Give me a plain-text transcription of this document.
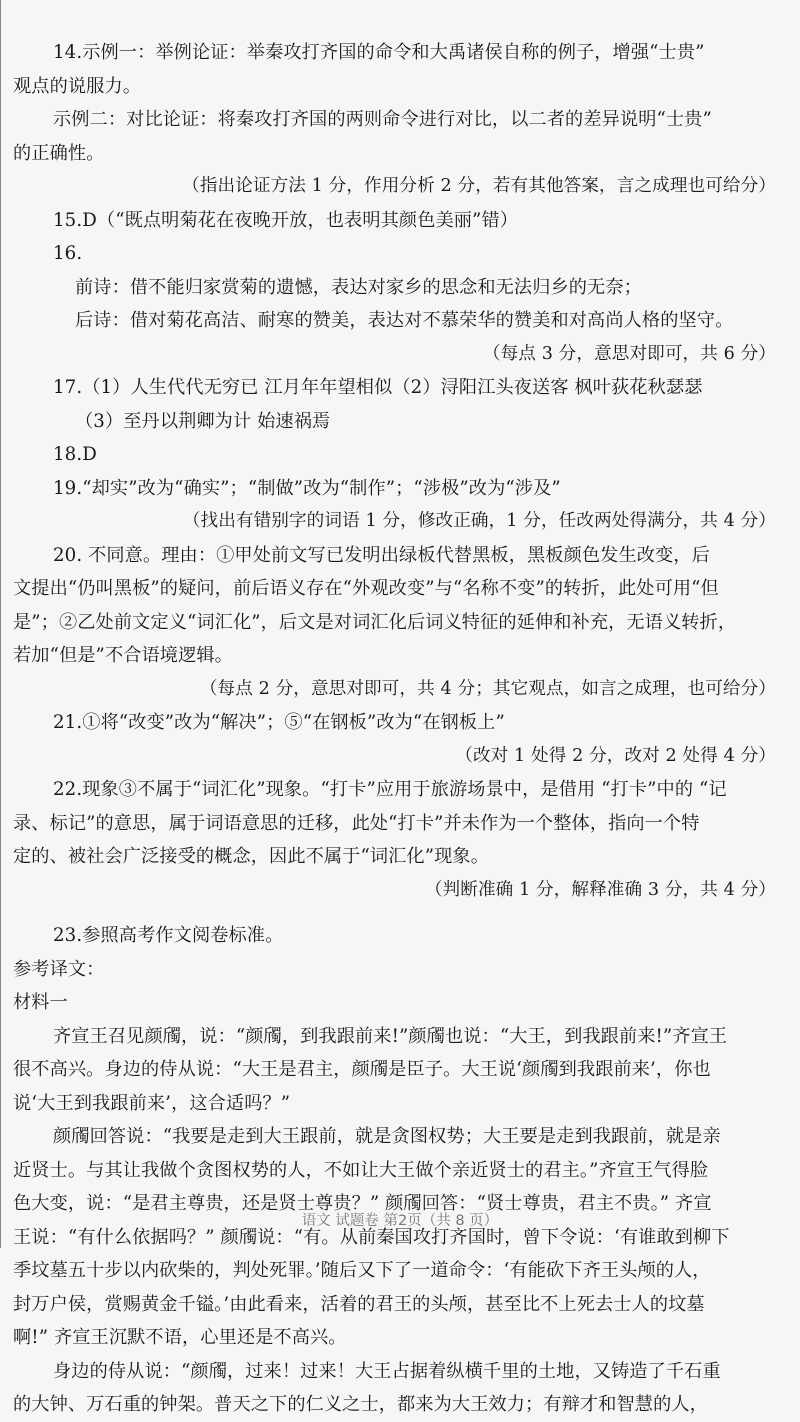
14.示例一：举例论证：举秦攻打齐国的命令和大禹诸侯自称的例子，增强“士贵”
观点的说服力。
示例二：对比论证：将秦攻打齐国的两则命令进行对比，以二者的差异说明“士贵”
的正确性。
（指出论证方法 1 分，作用分析 2 分，若有其他答案，言之成理也可给分）
15.D（“既点明菊花在夜晚开放，也表明其颜色美丽”错）
16.
前诗：借不能归家赏菊的遗憾，表达对家乡的思念和无法归乡的无奈；
后诗：借对菊花高洁、耐寒的赞美，表达对不慕荣华的赞美和对高尚人格的坚守。
（每点 3 分，意思对即可，共 6 分）
17.（1）人生代代无穷已 江月年年望相似（2）浔阳江头夜送客 枫叶荻花秋瑟瑟
（3）至丹以荆卿为计 始速祸焉
18.D
19.“却实”改为“确实”；“制做”改为“制作”；“涉极”改为“涉及”
（找出有错别字的词语 1 分，修改正确，1 分，任改两处得满分，共 4 分）
20. 不同意。理由：①甲处前文写已发明出绿板代替黑板，黑板颜色发生改变，后
文提出“仍叫黑板”的疑问，前后语义存在“外观改变”与“名称不变”的转折，此处可用“但
是”；②乙处前文定义“词汇化”，后文是对词汇化后词义特征的延伸和补充，无语义转折，
若加“但是”不合语境逻辑。
（每点 2 分，意思对即可，共 4 分；其它观点，如言之成理，也可给分）
21.①将“改变”改为“解决”；⑤“在钢板”改为“在钢板上”
（改对 1 处得 2 分，改对 2 处得 4 分）
22.现象③不属于“词汇化”现象。“打卡”应用于旅游场景中，是借用 “打卡”中的 “记
录、标记”的意思，属于词语意思的迁移，此处“打卡”并未作为一个整体，指向一个特
定的、被社会广泛接受的概念，因此不属于“词汇化”现象。
（判断准确 1 分，解释准确 3 分，共 4 分）
23.参照高考作文阅卷标准。
参考译文：
材料一
齐宣王召见颜斶，说：“颜斶，到我跟前来!”颜斶也说：“大王，到我跟前来!”齐宣王
很不高兴。身边的侍从说：“大王是君主，颜斶是臣子。大王说‘颜斶到我跟前来’，你也
说‘大王到我跟前来’，这合适吗？”
颜斶回答说：“我要是走到大王跟前，就是贪图权势；大王要是走到我跟前，就是亲
近贤士。与其让我做个贪图权势的人，不如让大王做个亲近贤士的君主。”齐宣王气得脸
色大变，说：“是君主尊贵，还是贤士尊贵？” 颜斶回答：“贤士尊贵，君主不贵。” 齐宣
王说：“有什么依据吗？” 颜斶说：“有。从前秦国攻打齐国时，曾下令说：‘有谁敢到柳下
季坟墓五十步以内砍柴的，判处死罪。’随后又下了一道命令：‘有能砍下齐王头颅的人，
封万户侯，赏赐黄金千镒。’由此看来，活着的君王的头颅，甚至比不上死去士人的坟墓
啊!” 齐宣王沉默不语，心里还是不高兴。
身边的侍从说：“颜斶，过来！过来！大王占据着纵横千里的土地，又铸造了千石重
的大钟、万石重的钟架。普天之下的仁义之士，都来为大王效力；有辩才和智慧的人，
语文 试题卷 第2页（共 8 页）
